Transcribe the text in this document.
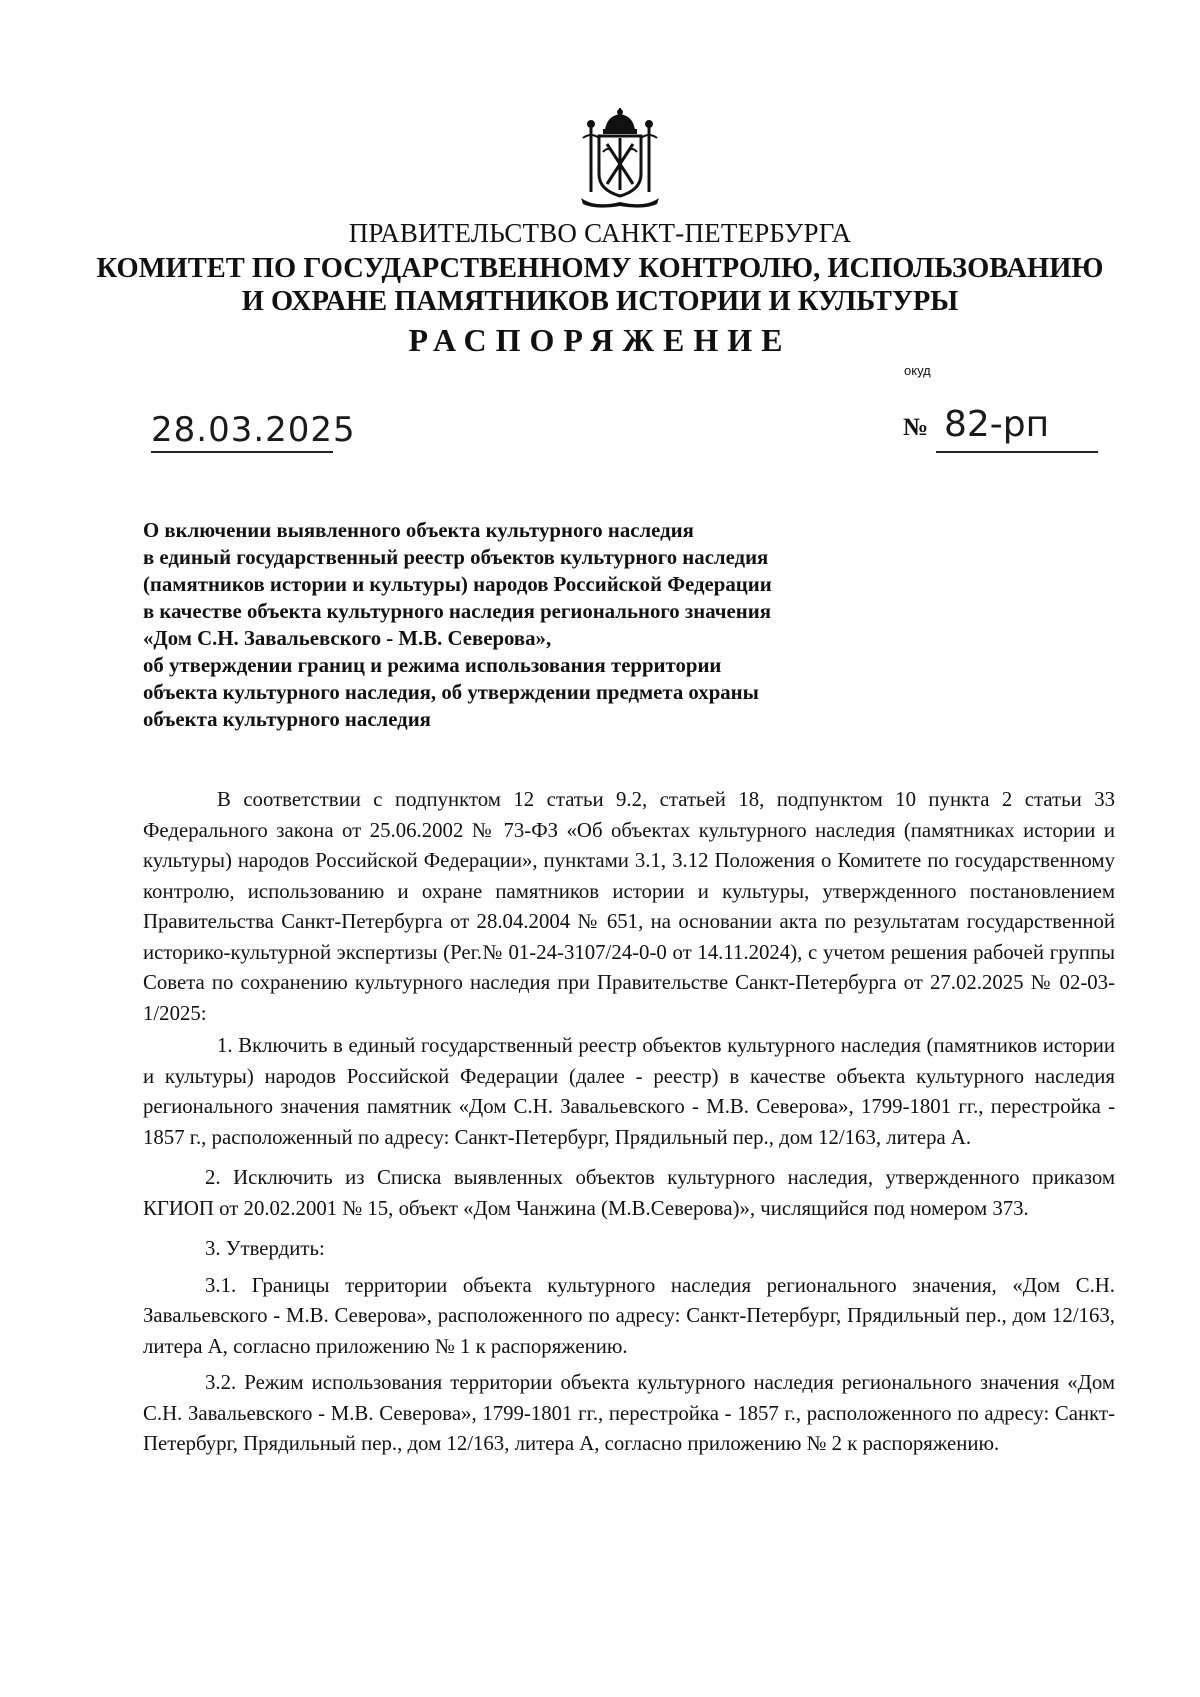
ПРАВИТЕЛЬСТВО САНКТ-ПЕТЕРБУРГА
КОМИТЕТ ПО ГОСУДАРСТВЕННОМУ КОНТРОЛЮ, ИСПОЛЬЗОВАНИЮ
И ОХРАНЕ ПАМЯТНИКОВ ИСТОРИИ И КУЛЬТУРЫ
РАСПОРЯЖЕНИЕ
окуд
28.03.2025	№ 82-рп
О включении выявленного объекта культурного наследия
в единый государственный реестр объектов культурного наследия
(памятников истории и культуры) народов Российской Федерации
в качестве объекта культурного наследия регионального значения
«Дом С.Н. Завальевского - М.В. Северова»,
об утверждении границ и режима использования территории
объекта культурного наследия, об утверждении предмета охраны
объекта культурного наследия

В соответствии с подпунктом 12 статьи 9.2, статьей 18, подпунктом 10 пункта 2 статьи 33 Федерального закона от 25.06.2002 № 73-ФЗ «Об объектах культурного наследия (памятниках истории и культуры) народов Российской Федерации», пунктами 3.1, 3.12 Положения о Комитете по государственному контролю, использованию и охране памятников истории и культуры, утвержденного постановлением Правительства Санкт-Петербурга от 28.04.2004 № 651, на основании акта по результатам государственной историко-культурной экспертизы (Рег.№ 01-24-3107/24-0-0 от 14.11.2024), с учетом решения рабочей группы Совета по сохранению культурного наследия при Правительстве Санкт-Петербурга от 27.02.2025 № 02-03-1/2025:

1. Включить в единый государственный реестр объектов культурного наследия (памятников истории и культуры) народов Российской Федерации (далее - реестр) в качестве объекта культурного наследия регионального значения памятник «Дом С.Н. Завальевского - М.В. Северова», 1799-1801 гг., перестройка - 1857 г., расположенный по адресу: Санкт-Петербург, Прядильный пер., дом 12/163, литера А.

2. Исключить из Списка выявленных объектов культурного наследия, утвержденного приказом КГИОП от 20.02.2001 № 15, объект «Дом Чанжина (М.В.Северова)», числящийся под номером 373.

3. Утвердить:

3.1. Границы территории объекта культурного наследия регионального значения, «Дом С.Н. Завальевского - М.В. Северова», расположенного по адресу: Санкт-Петербург, Прядильный пер., дом 12/163, литера А, согласно приложению № 1 к распоряжению.

3.2. Режим использования территории объекта культурного наследия регионального значения «Дом С.Н. Завальевского - М.В. Северова», 1799-1801 гг., перестройка - 1857 г., расположенного по адресу: Санкт-Петербург, Прядильный пер., дом 12/163, литера А, согласно приложению № 2 к распоряжению.
